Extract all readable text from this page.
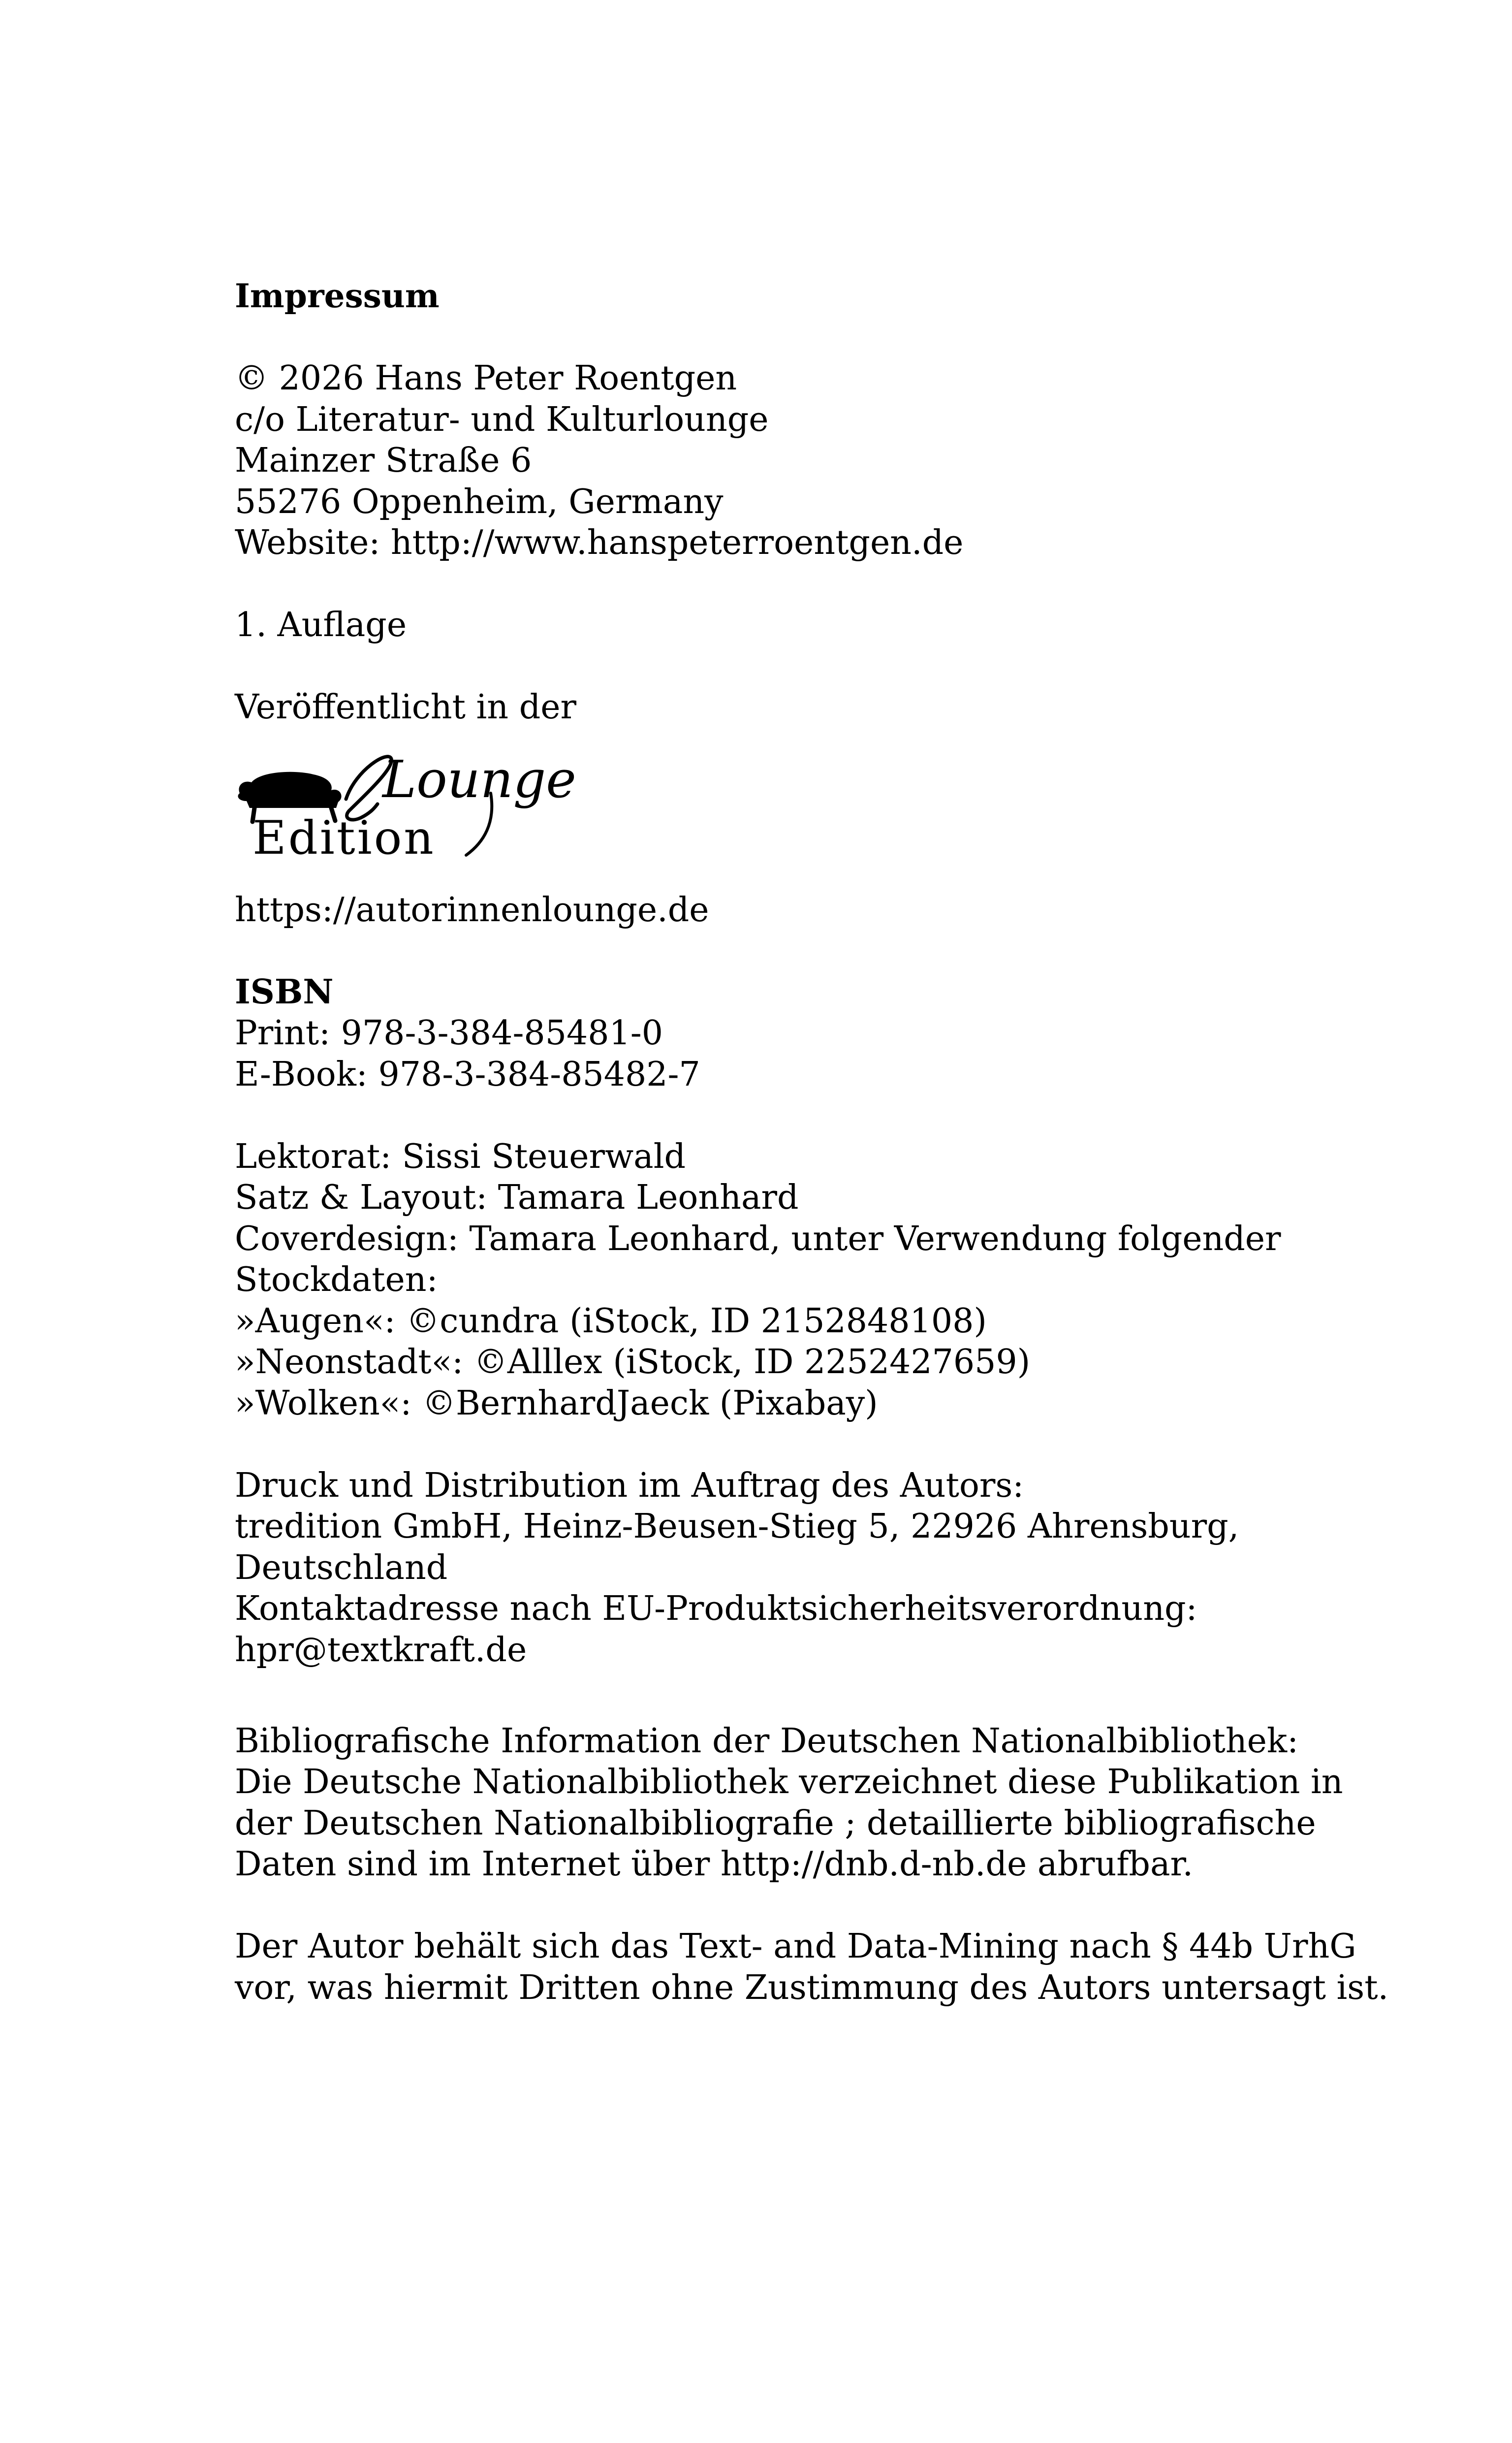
Impressum
© 2026 Hans Peter Roentgen
c/o Literatur- und Kulturlounge
Mainzer Straße 6
55276 Oppenheim, Germany
Website: http://www.hanspeterroentgen.de
1. Auflage
Veröffentlicht in der
Lounge
Edition
https://autorinnenlounge.de
ISBN
Print: 978-3-384-85481-0
E-Book: 978-3-384-85482-7
Lektorat: Sissi Steuerwald
Satz & Layout: Tamara Leonhard
Coverdesign: Tamara Leonhard, unter Verwendung folgender
Stockdaten:
»Augen«: ©cundra (iStock, ID 2152848108)
»Neonstadt«: ©Alllex (iStock, ID 2252427659)
»Wolken«: ©BernhardJaeck (Pixabay)
Druck und Distribution im Auftrag des Autors:
tredition GmbH, Heinz-Beusen-Stieg 5, 22926 Ahrensburg,
Deutschland
Kontaktadresse nach EU-Produktsicherheitsverordnung:
hpr@textkraft.de
Bibliografische Information der Deutschen Nationalbibliothek:
Die Deutsche Nationalbibliothek verzeichnet diese Publikation in
der Deutschen Nationalbibliografie ; detaillierte bibliografische
Daten sind im Internet über http://dnb.d-nb.de abrufbar.
Der Autor behält sich das Text- and Data-Mining nach § 44b UrhG
vor, was hiermit Dritten ohne Zustimmung des Autors untersagt ist.
